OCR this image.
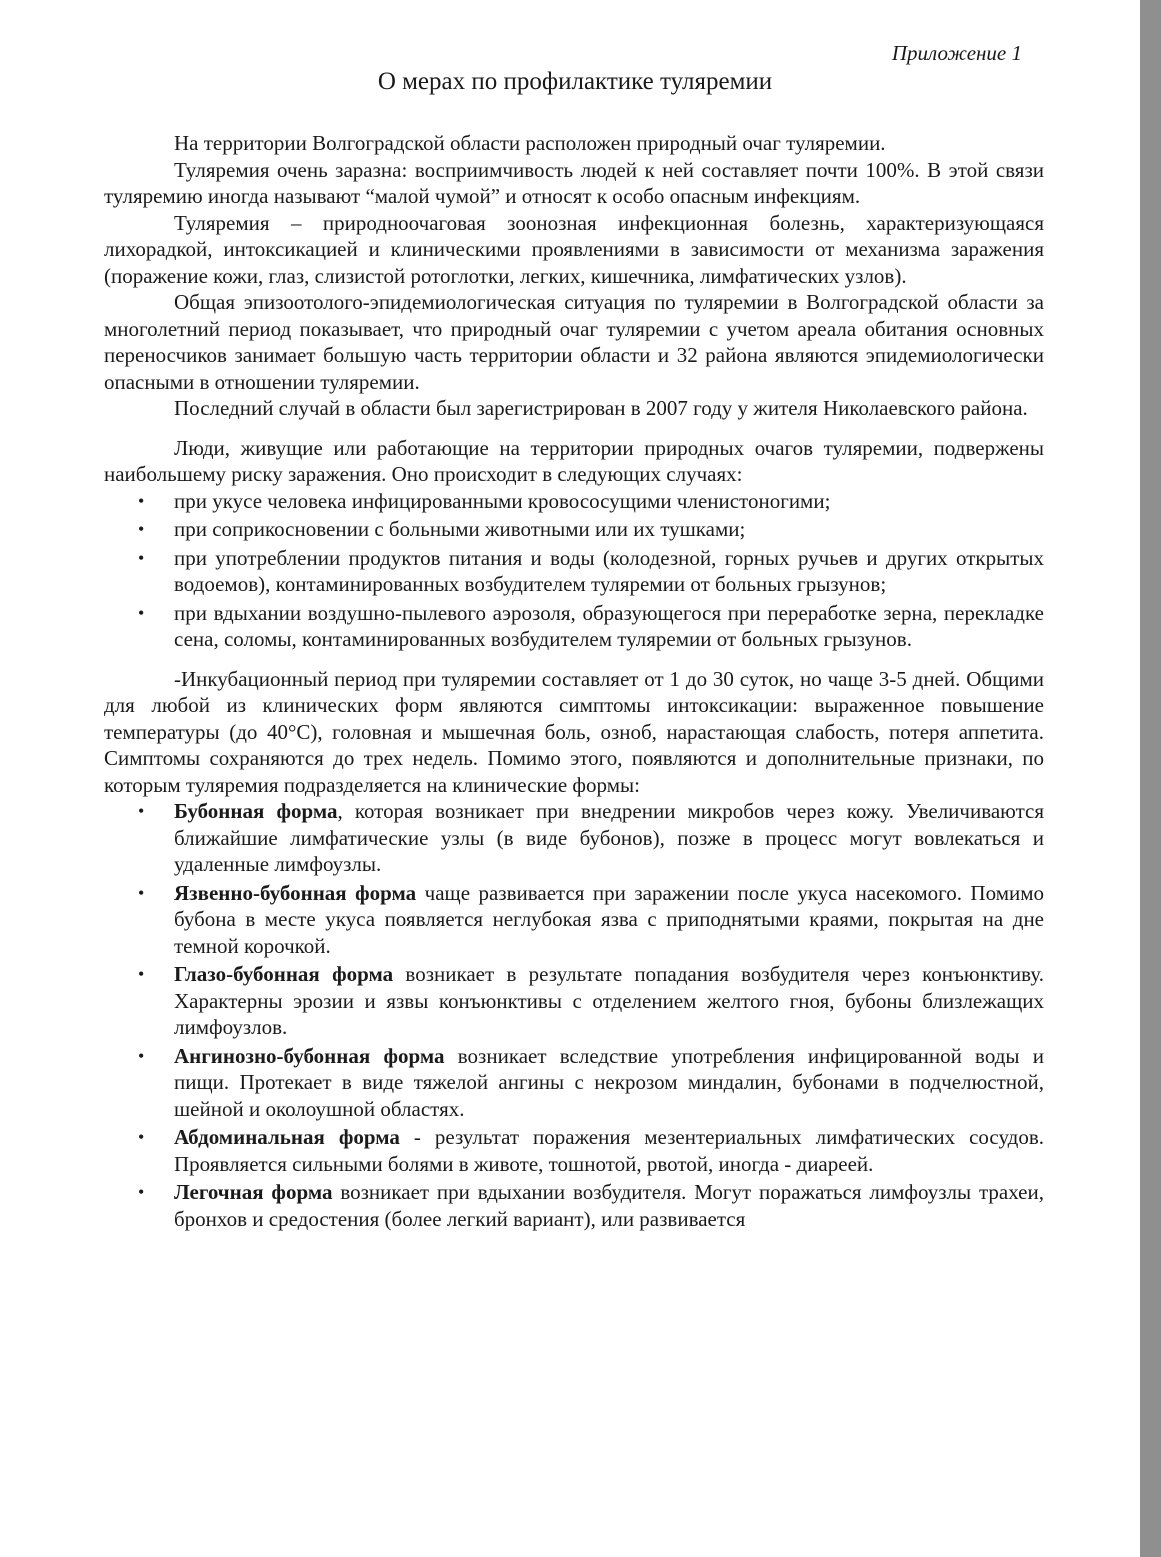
Приложение 1
О мерах по профилактике туляремии

На территории Волгоградской области расположен природный очаг туляремии.

Туляремия очень заразна: восприимчивость людей к ней составляет почти 100%. В этой связи туляремию иногда называют “малой чумой” и относят к особо опасным инфекциям.

Туляремия – природноочаговая зоонозная инфекционная болезнь, характеризующаяся лихорадкой, интоксикацией и клиническими проявлениями в зависимости от механизма заражения (поражение кожи, глаз, слизистой ротоглотки, легких, кишечника, лимфатических узлов).

Общая эпизоотолого-эпидемиологическая ситуация по туляремии в Волгоградской области за многолетний период показывает, что природный очаг туляремии с учетом ареала обитания основных переносчиков занимает большую часть территории области и 32 района являются эпидемиологически опасными в отношении туляремии.

Последний случай в области был зарегистрирован в 2007 году у жителя Николаевского района.

Люди, живущие или работающие на территории природных очагов туляремии, подвержены наибольшему риску заражения. Оно происходит в следующих случаях:

• при укусе человека инфицированными кровососущими членистоногими;
• при соприкосновении с больными животными или их тушками;
• при употреблении продуктов питания и воды (колодезной, горных ручьев и других открытых водоемов), контаминированных возбудителем туляремии от больных грызунов;
• при вдыхании воздушно-пылевого аэрозоля, образующегося при переработке зерна, перекладке сена, соломы, контаминированных возбудителем туляремии от больных грызунов.

-Инкубационный период при туляремии составляет от 1 до 30 суток, но чаще 3-5 дней. Общими для любой из клинических форм являются симптомы интоксикации: выраженное повышение температуры (до 40°C), головная и мышечная боль, озноб, нарастающая слабость, потеря аппетита. Симптомы сохраняются до трех недель. Помимо этого, появляются и дополнительные признаки, по которым туляремия подразделяется на клинические формы:

• Бубонная форма, которая возникает при внедрении микробов через кожу. Увеличиваются ближайшие лимфатические узлы (в виде бубонов), позже в процесс могут вовлекаться и удаленные лимфоузлы.
• Язвенно-бубонная форма чаще развивается при заражении после укуса насекомого. Помимо бубона в месте укуса появляется неглубокая язва с приподнятыми краями, покрытая на дне темной корочкой.
• Глазо-бубонная форма возникает в результате попадания возбудителя через конъюнктиву. Характерны эрозии и язвы конъюнктивы с отделением желтого гноя, бубоны близлежащих лимфоузлов.
• Ангинозно-бубонная форма возникает вследствие употребления инфицированной воды и пищи. Протекает в виде тяжелой ангины с некрозом миндалин, бубонами в подчелюстной, шейной и околоушной областях.
• Абдоминальная форма - результат поражения мезентериальных лимфатических сосудов. Проявляется сильными болями в животе, тошнотой, рвотой, иногда - диареей.
• Легочная форма возникает при вдыхании возбудителя. Могут поражаться лимфоузлы трахеи, бронхов и средостения (более легкий вариант), или развивается
